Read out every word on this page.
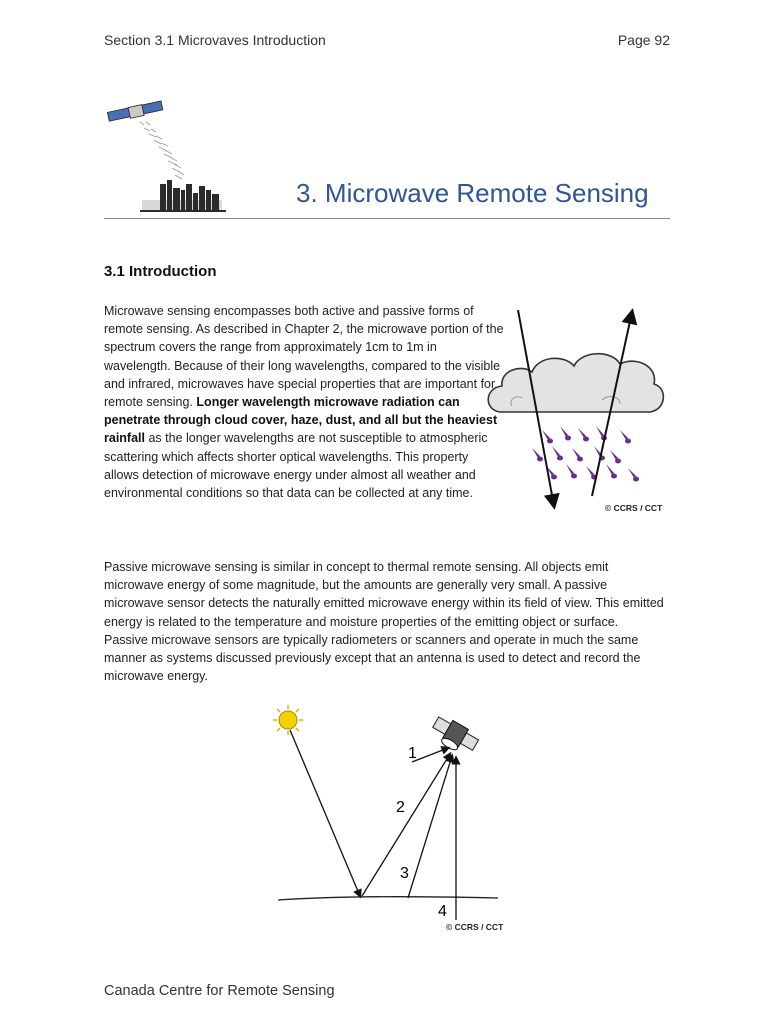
Section 3.1 Microvaves Introduction	Page 92
3. Microwave Remote Sensing
3.1 Introduction
Microwave sensing encompasses both active and passive forms of remote sensing. As described in Chapter 2, the microwave portion of the spectrum covers the range from approximately 1cm to 1m in wavelength. Because of their long wavelengths, compared to the visible and infrared, microwaves have special properties that are important for remote sensing. Longer wavelength microwave radiation can penetrate through cloud cover, haze, dust, and all but the heaviest rainfall as the longer wavelengths are not susceptible to atmospheric scattering which affects shorter optical wavelengths. This property allows detection of microwave energy under almost all weather and environmental conditions so that data can be collected at any time.
© CCRS / CCT
Passive microwave sensing is similar in concept to thermal remote sensing. All objects emit microwave energy of some magnitude, but the amounts are generally very small. A passive microwave sensor detects the naturally emitted microwave energy within its field of view. This emitted energy is related to the temperature and moisture properties of the emitting object or surface. Passive microwave sensors are typically radiometers or scanners and operate in much the same manner as systems discussed previously except that an antenna is used to detect and record the microwave energy.
1
2
3
4
© CCRS / CCT
Canada Centre for Remote Sensing
